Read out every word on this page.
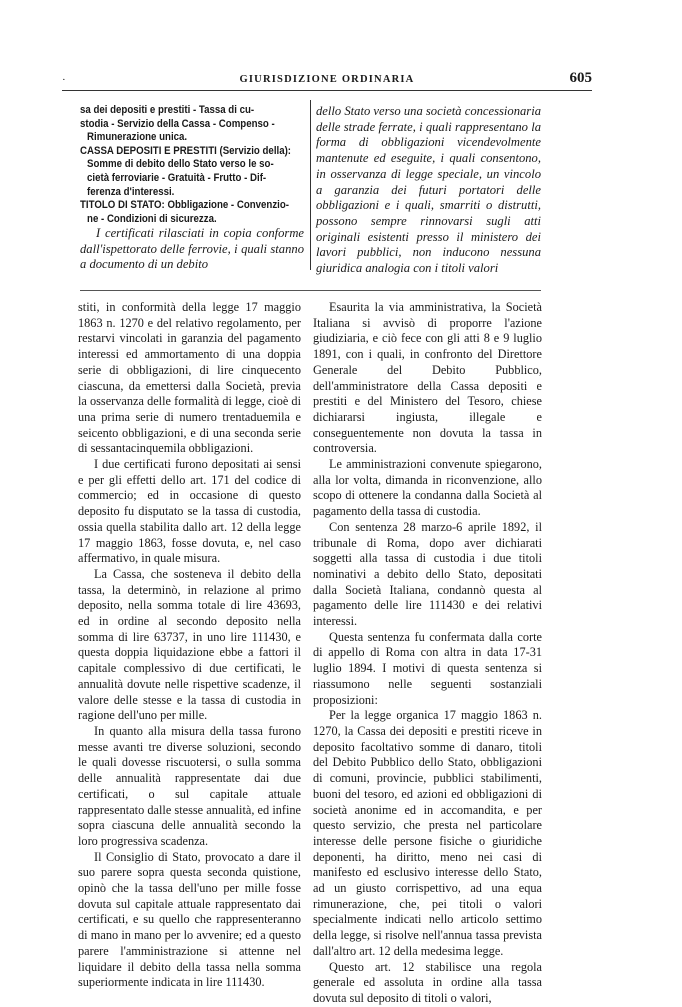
·	GIURISDIZIONE ORDINARIA	605

sa dei depositi e prestiti - Tassa di cu-

stodia - Servizio della Cassa - Compenso -

Rimunerazione unica.

CASSA DEPOSITI E PRESTITI (Servizio della):

Somme di debito dello Stato verso le so-

cietà ferroviarie - Gratuità - Frutto - Dif-

ferenza d'interessi.

TITOLO DI STATO: Obbligazione - Convenzio-

ne - Condizioni di sicurezza.

I certificati rilasciati in copia conforme dall'ispettorato delle ferrovie, i quali stanno a documento di un debito

dello Stato verso una società concessionaria delle strade ferrate, i quali rappresentano la forma di obbligazioni vicendevolmente mantenute ed eseguite, i quali consentono, in osservanza di legge speciale, un vincolo a garanzia dei futuri portatori delle obbligazioni e i quali, smarriti o distrutti, possono sempre rinnovarsi sugli atti originali esistenti presso il ministero dei lavori pubblici, non inducono nessuna giuridica analogia con i titoli valori

stiti, in conformità della legge 17 maggio 1863 n. 1270 e del relativo regolamento, per restarvi vincolati in garanzia del pagamento interessi ed ammortamento di una doppia serie di obbligazioni, di lire cinquecento ciascuna, da emettersi dalla Società, previa la osservanza delle formalità di legge, cioè di una prima serie di numero trentaduemila e seicento obbligazioni, e di una seconda serie di sessantacinquemila obbligazioni.

I due certificati furono depositati ai sensi e per gli effetti dello art. 171 del codice di commercio; ed in occasione di questo deposito fu disputato se la tassa di custodia, ossia quella stabilita dallo art. 12 della legge 17 maggio 1863, fosse dovuta, e, nel caso affermativo, in quale misura.

La Cassa, che sosteneva il debito della tassa, la determinò, in relazione al primo deposito, nella somma totale di lire 43693, ed in ordine al secondo deposito nella somma di lire 63737, in uno lire 111430, e questa doppia liquidazione ebbe a fattori il capitale complessivo di due certificati, le annualità dovute nelle rispettive scadenze, il valore delle stesse e la tassa di custodia in ragione dell'uno per mille.

In quanto alla misura della tassa furono messe avanti tre diverse soluzioni, secondo le quali dovesse riscuotersi, o sulla somma delle annualità rappresentate dai due certificati, o sul capitale attuale rappresentato dalle stesse annualità, ed infine sopra ciascuna delle annualità secondo la loro progressiva scadenza.

Il Consiglio di Stato, provocato a dare il suo parere sopra questa seconda quistione, opinò che la tassa dell'uno per mille fosse dovuta sul capitale attuale rappresentato dai certificati, e su quello che rappresenteranno di mano in mano per lo avvenire; ed a questo parere l'amministrazione si attenne nel liquidare il debito della tassa nella somma superiormente indicata in lire 111430.

Esaurita la via amministrativa, la Società Italiana si avvisò di proporre l'azione giudiziaria, e ciò fece con gli atti 8 e 9 luglio 1891, con i quali, in confronto del Direttore Generale del Debito Pubblico, dell'amministratore della Cassa depositi e prestiti e del Ministero del Tesoro, chiese dichiararsi ingiusta, illegale e conseguentemente non dovuta la tassa in controversia.

Le amministrazioni convenute spiegarono, alla lor volta, dimanda in riconvenzione, allo scopo di ottenere la condanna dalla Società al pagamento della tassa di custodia.

Con sentenza 28 marzo-6 aprile 1892, il tribunale di Roma, dopo aver dichiarati soggetti alla tassa di custodia i due titoli nominativi a debito dello Stato, depositati dalla Società Italiana, condannò questa al pagamento delle lire 111430 e dei relativi interessi.

Questa sentenza fu confermata dalla corte di appello di Roma con altra in data 17-31 luglio 1894. I motivi di questa sentenza si riassumono nelle seguenti sostanziali proposizioni:

Per la legge organica 17 maggio 1863 n. 1270, la Cassa dei depositi e prestiti riceve in deposito facoltativo somme di danaro, titoli del Debito Pubblico dello Stato, obbligazioni di comuni, provincie, pubblici stabilimenti, buoni del tesoro, ed azioni ed obbligazioni di società anonime ed in accomandita, e per questo servizio, che presta nel particolare interesse delle persone fisiche o giuridiche deponenti, ha diritto, meno nei casi di manifesto ed esclusivo interesse dello Stato, ad un giusto corrispettivo, ad una equa rimunerazione, che, pei titoli o valori specialmente indicati nello articolo settimo della legge, si risolve nell'annua tassa prevista dall'altro art. 12 della medesima legge.

Questo art. 12 stabilisce una regola generale ed assoluta in ordine alla tassa dovuta sul deposito di titoli o valori,
